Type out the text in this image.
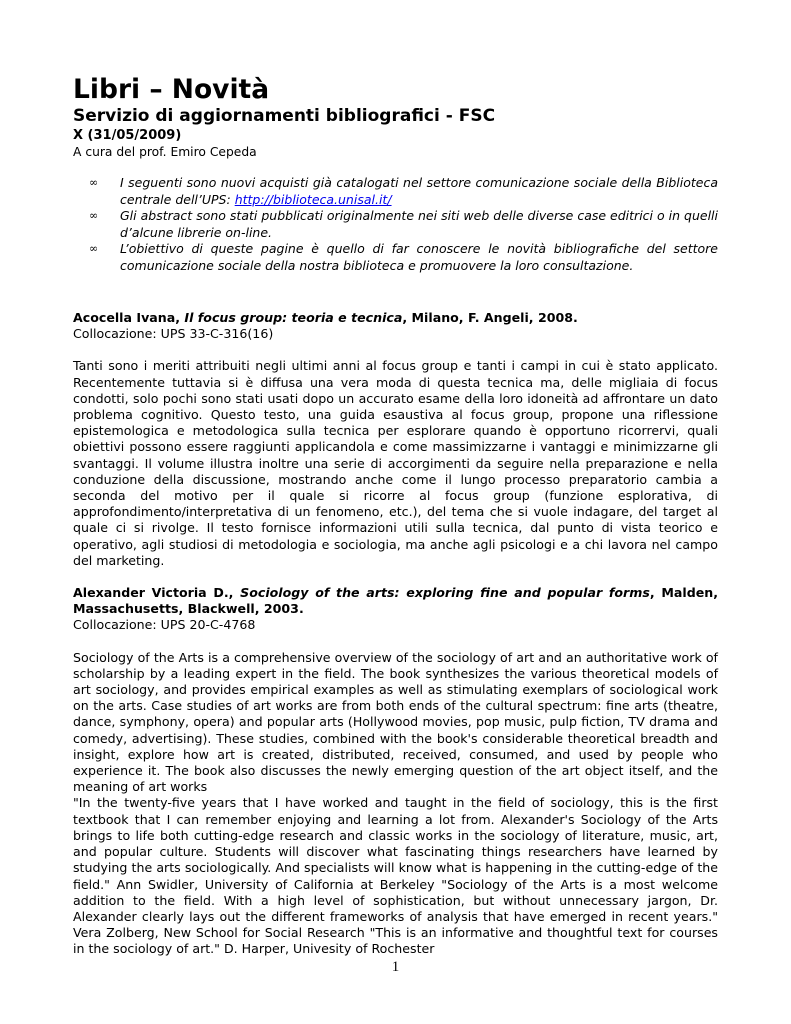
Libri – Novità
Servizio di aggiornamenti bibliografici - FSC
X (31/05/2009)
A cura del prof. Emiro Cepeda
∞ I seguenti sono nuovi acquisti già catalogati nel settore comunicazione sociale della Biblioteca centrale dell’UPS: http://biblioteca.unisal.it/
∞ Gli abstract sono stati pubblicati originalmente nei siti web delle diverse case editrici o in quelli d’alcune librerie on-line.
∞ L’obiettivo di queste pagine è quello di far conoscere le novità bibliografiche del settore comunicazione sociale della nostra biblioteca e promuovere la loro consultazione.
Acocella Ivana, Il focus group: teoria e tecnica, Milano, F. Angeli, 2008.
Collocazione: UPS 33-C-316(16)

Tanti sono i meriti attribuiti negli ultimi anni al focus group e tanti i campi in cui è stato applicato. Recentemente tuttavia si è diffusa una vera moda di questa tecnica ma, delle migliaia di focus condotti, solo pochi sono stati usati dopo un accurato esame della loro idoneità ad affrontare un dato problema cognitivo. Questo testo, una guida esaustiva al focus group, propone una riflessione epistemologica e metodologica sulla tecnica per esplorare quando è opportuno ricorrervi, quali obiettivi possono essere raggiunti applicandola e come massimizzarne i vantaggi e minimizzarne gli svantaggi. Il volume illustra inoltre una serie di accorgimenti da seguire nella preparazione e nella conduzione della discussione, mostrando anche come il lungo processo preparatorio cambia a seconda del motivo per il quale si ricorre al focus group (funzione esplorativa, di approfondimento/interpretativa di un fenomeno, etc.), del tema che si vuole indagare, del target al quale ci si rivolge. Il testo fornisce informazioni utili sulla tecnica, dal punto di vista teorico e operativo, agli studiosi di metodologia e sociologia, ma anche agli psicologi e a chi lavora nel campo del marketing.

Alexander Victoria D., Sociology of the arts: exploring fine and popular forms, Malden, Massachusetts, Blackwell, 2003.
Collocazione: UPS 20-C-4768

Sociology of the Arts is a comprehensive overview of the sociology of art and an authoritative work of scholarship by a leading expert in the field. The book synthesizes the various theoretical models of art sociology, and provides empirical examples as well as stimulating exemplars of sociological work on the arts. Case studies of art works are from both ends of the cultural spectrum: fine arts (theatre, dance, symphony, opera) and popular arts (Hollywood movies, pop music, pulp fiction, TV drama and comedy, advertising). These studies, combined with the book's considerable theoretical breadth and insight, explore how art is created, distributed, received, consumed, and used by people who experience it. The book also discusses the newly emerging question of the art object itself, and the meaning of art works

"In the twenty-five years that I have worked and taught in the field of sociology, this is the first textbook that I can remember enjoying and learning a lot from. Alexander's Sociology of the Arts brings to life both cutting-edge research and classic works in the sociology of literature, music, art, and popular culture. Students will discover what fascinating things researchers have learned by studying the arts sociologically. And specialists will know what is happening in the cutting-edge of the field." Ann Swidler, University of California at Berkeley "Sociology of the Arts is a most welcome addition to the field. With a high level of sophistication, but without unnecessary jargon, Dr. Alexander clearly lays out the different frameworks of analysis that have emerged in recent years." Vera Zolberg, New School for Social Research "This is an informative and thoughtful text for courses in the sociology of art." D. Harper, Univesity of Rochester

1
